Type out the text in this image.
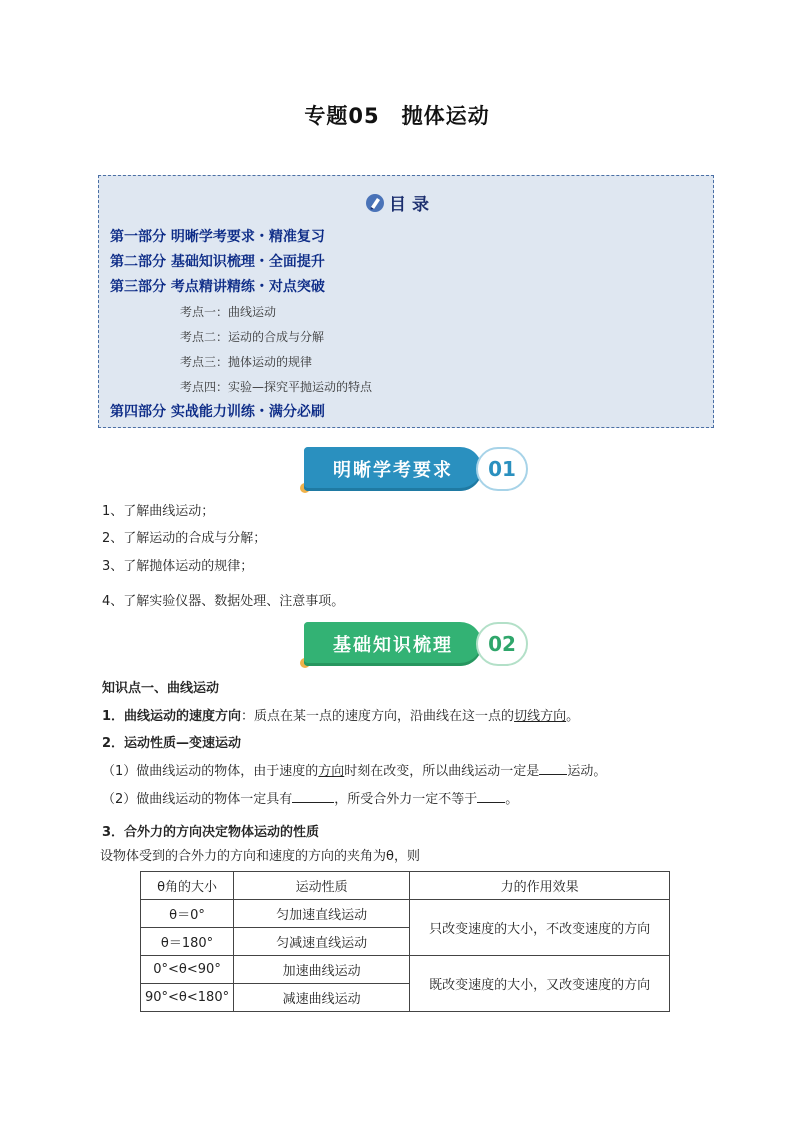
专题05　抛体运动
目 录
第一部分 明晰学考要求・精准复习
第二部分 基础知识梳理・全面提升
第三部分 考点精讲精练・对点突破
考点一：曲线运动
考点二：运动的合成与分解
考点三：抛体运动的规律
考点四：实验—探究平抛运动的特点
第四部分 实战能力训练・满分必刷
明晰学考要求	01
1、了解曲线运动；
2、了解运动的合成与分解；
3、了解抛体运动的规律；
4、了解实验仪器、数据处理、注意事项。
基础知识梳理	02
知识点一、曲线运动
1．曲线运动的速度方向：质点在某一点的速度方向，沿曲线在这一点的切线方向。
2．运动性质—变速运动
（1）做曲线运动的物体，由于速度的方向时刻在改变，所以曲线运动一定是 运动。
（2）做曲线运动的物体一定具有	，所受合外力一定不等于 。
3．合外力的方向决定物体运动的性质
设物体受到的合外力的方向和速度的方向的夹角为θ，则
θ角的大小	运动性质	力的作用效果
θ＝0°	匀加速直线运动	只改变速度的大小，不改变速度的方向
θ＝180°	匀减速直线运动	
0°<θ<90°	加速曲线运动	既改变速度的大小，又改变速度的方向
90°<θ<180°	减速曲线运动	
